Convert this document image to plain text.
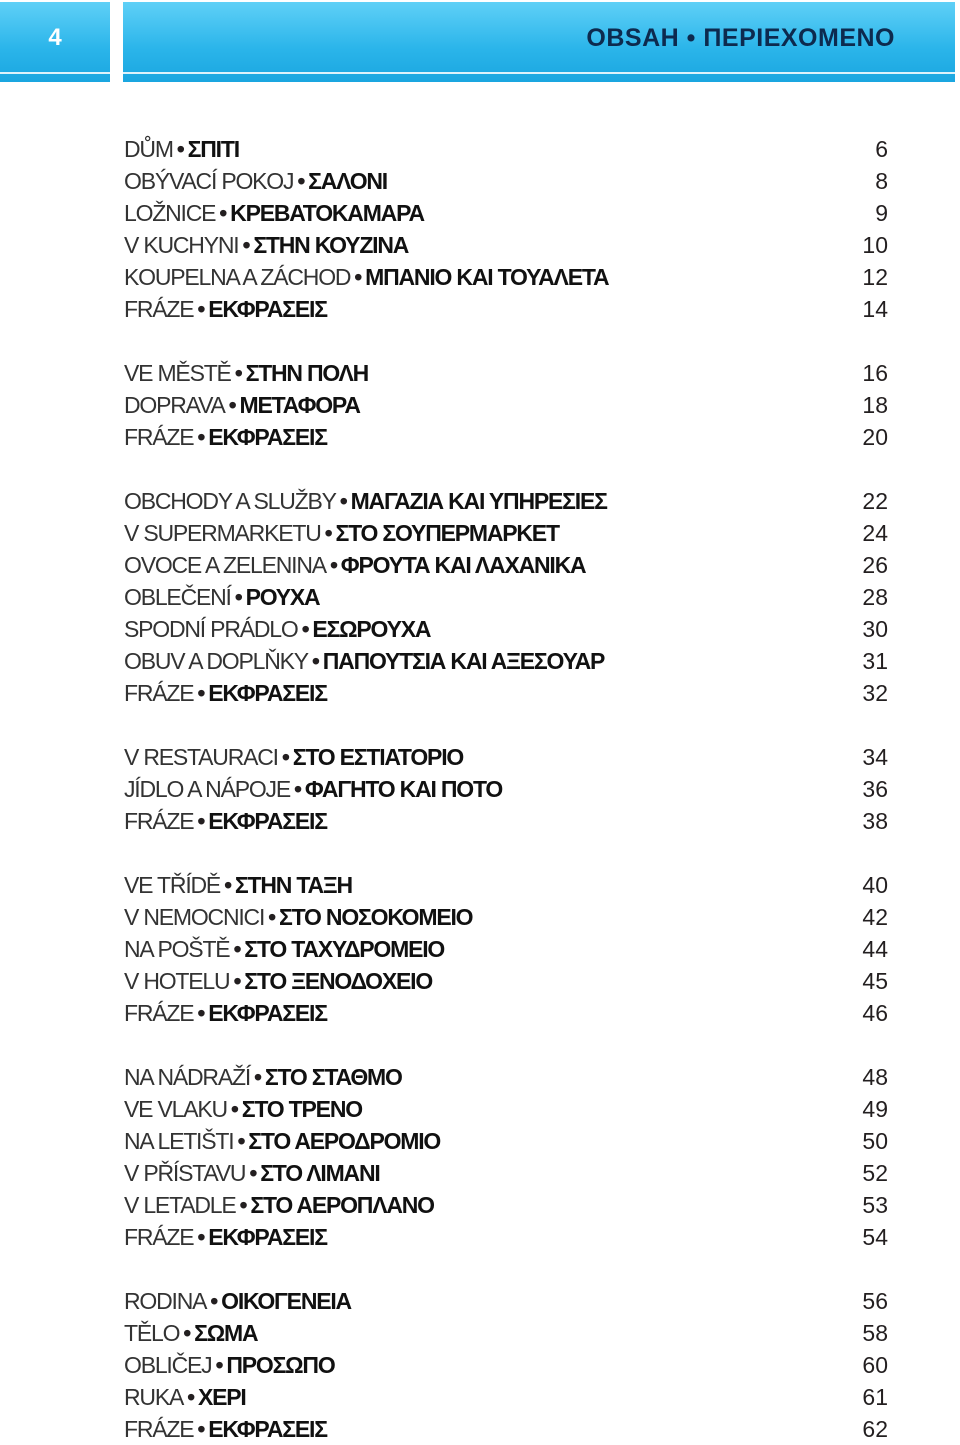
4	OBSAH • ΠΕΡΙΕΧΟΜΕΝΟ
DŮM • ΣΠΙΤΙ	6
OBÝVACÍ POKOJ • ΣΑΛΟΝΙ	8
LOŽNICE • ΚΡΕΒΑΤΟΚΑΜΑΡΑ	9
V KUCHYNI • ΣΤΗΝ ΚΟΥΖΙΝΑ	10
KOUPELNA A ZÁCHOD • ΜΠΑΝΙΟ ΚΑΙ ΤΟΥΑΛΕΤΑ	12
FRÁZE • ΕΚΦΡΑΣΕΙΣ	14
VE MĚSTĚ • ΣΤΗΝ ΠΟΛΗ	16
DOPRAVA • ΜΕΤΑΦΟΡΑ	18
FRÁZE • ΕΚΦΡΑΣΕΙΣ	20
OBCHODY A SLUŽBY • ΜΑΓΑΖΙΑ ΚΑΙ ΥΠΗΡΕΣΙΕΣ	22
V SUPERMARKETU • ΣΤΟ ΣΟΥΠΕΡΜΑΡΚΕΤ	24
OVOCE A ZELENINA • ΦΡΟΥΤΑ ΚΑΙ ΛΑΧΑΝΙΚΑ	26
OBLEČENÍ • ΡΟΥΧΑ	28
SPODNÍ PRÁDLO • ΕΣΩΡΟΥΧΑ	30
OBUV A DOPLŇKY • ΠΑΠΟΥΤΣΙΑ ΚΑΙ ΑΞΕΣΟΥΑΡ	31
FRÁZE • ΕΚΦΡΑΣΕΙΣ	32
V RESTAURACI • ΣΤΟ ΕΣΤΙΑΤΟΡΙΟ	34
JÍDLO A NÁPOJE • ΦΑΓΗΤΟ ΚΑΙ ΠΟΤΟ	36
FRÁZE • ΕΚΦΡΑΣΕΙΣ	38
VE TŘÍDĚ • ΣΤΗΝ ΤΑΞΗ	40
V NEMOCNICI • ΣΤΟ ΝΟΣΟΚΟΜΕΙΟ	42
NA POŠTĚ • ΣΤΟ ΤΑΧΥΔΡΟΜΕΙΟ	44
V HOTELU • ΣΤΟ ΞΕΝΟΔΟΧΕΙΟ	45
FRÁZE • ΕΚΦΡΑΣΕΙΣ	46
NA NÁDRAŽÍ • ΣΤΟ ΣΤΑΘΜΟ	48
VE VLAKU • ΣΤΟ ΤΡΕΝΟ	49
NA LETIŠTI • ΣΤΟ ΑΕΡΟΔΡΟΜΙΟ	50
V PŘÍSTAVU • ΣΤΟ ΛΙΜΑΝΙ	52
V LETADLE • ΣΤΟ ΑΕΡΟΠΛΑΝΟ	53
FRÁZE • ΕΚΦΡΑΣΕΙΣ	54
RODINA • ΟΙΚΟΓΕΝΕΙΑ	56
TĚLO • ΣΩΜΑ	58
OBLIČEJ • ΠΡΟΣΩΠΟ	60
RUKA • ΧΕΡΙ	61
FRÁZE • ΕΚΦΡΑΣΕΙΣ	62
